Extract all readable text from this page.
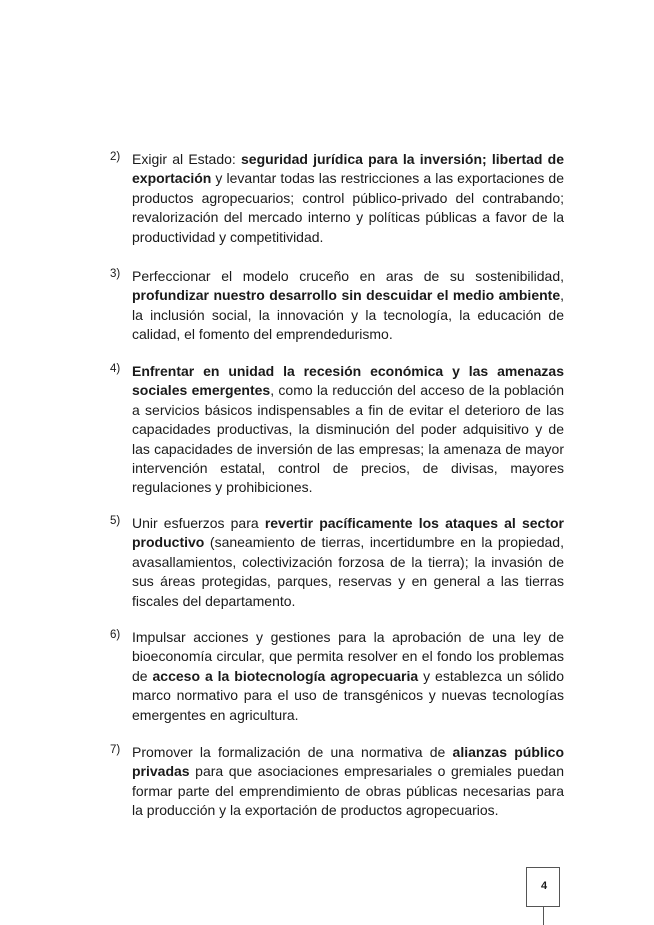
2) Exigir al Estado: seguridad jurídica para la inversión; libertad de exportación y levantar todas las restricciones a las exportaciones de productos agropecuarios; control público-privado del contrabando; revalorización del mercado interno y políticas públicas a favor de la productividad y competitividad.
3) Perfeccionar el modelo cruceño en aras de su sostenibilidad, profundizar nuestro desarrollo sin descuidar el medio ambiente, la inclusión social, la innovación y la tecnología, la educación de calidad, el fomento del emprendedurismo.
4) Enfrentar en unidad la recesión económica y las amenazas sociales emergentes, como la reducción del acceso de la población a servicios básicos indispensables a fin de evitar el deterioro de las capacidades productivas, la disminución del poder adquisitivo y de las capacidades de inversión de las empresas; la amenaza de mayor intervención estatal, control de precios, de divisas, mayores regulaciones y prohibiciones.
5) Unir esfuerzos para revertir pacíficamente los ataques al sector productivo (saneamiento de tierras, incertidumbre en la propiedad, avasallamientos, colectivización forzosa de la tierra); la invasión de sus áreas protegidas, parques, reservas y en general a las tierras fiscales del departamento.
6) Impulsar acciones y gestiones para la aprobación de una ley de bioeconomía circular, que permita resolver en el fondo los problemas de acceso a la biotecnología agropecuaria y establezca un sólido marco normativo para el uso de transgénicos y nuevas tecnologías emergentes en agricultura.
7) Promover la formalización de una normativa de alianzas público privadas para que asociaciones empresariales o gremiales puedan formar parte del emprendimiento de obras públicas necesarias para la producción y la exportación de productos agropecuarios.
4
